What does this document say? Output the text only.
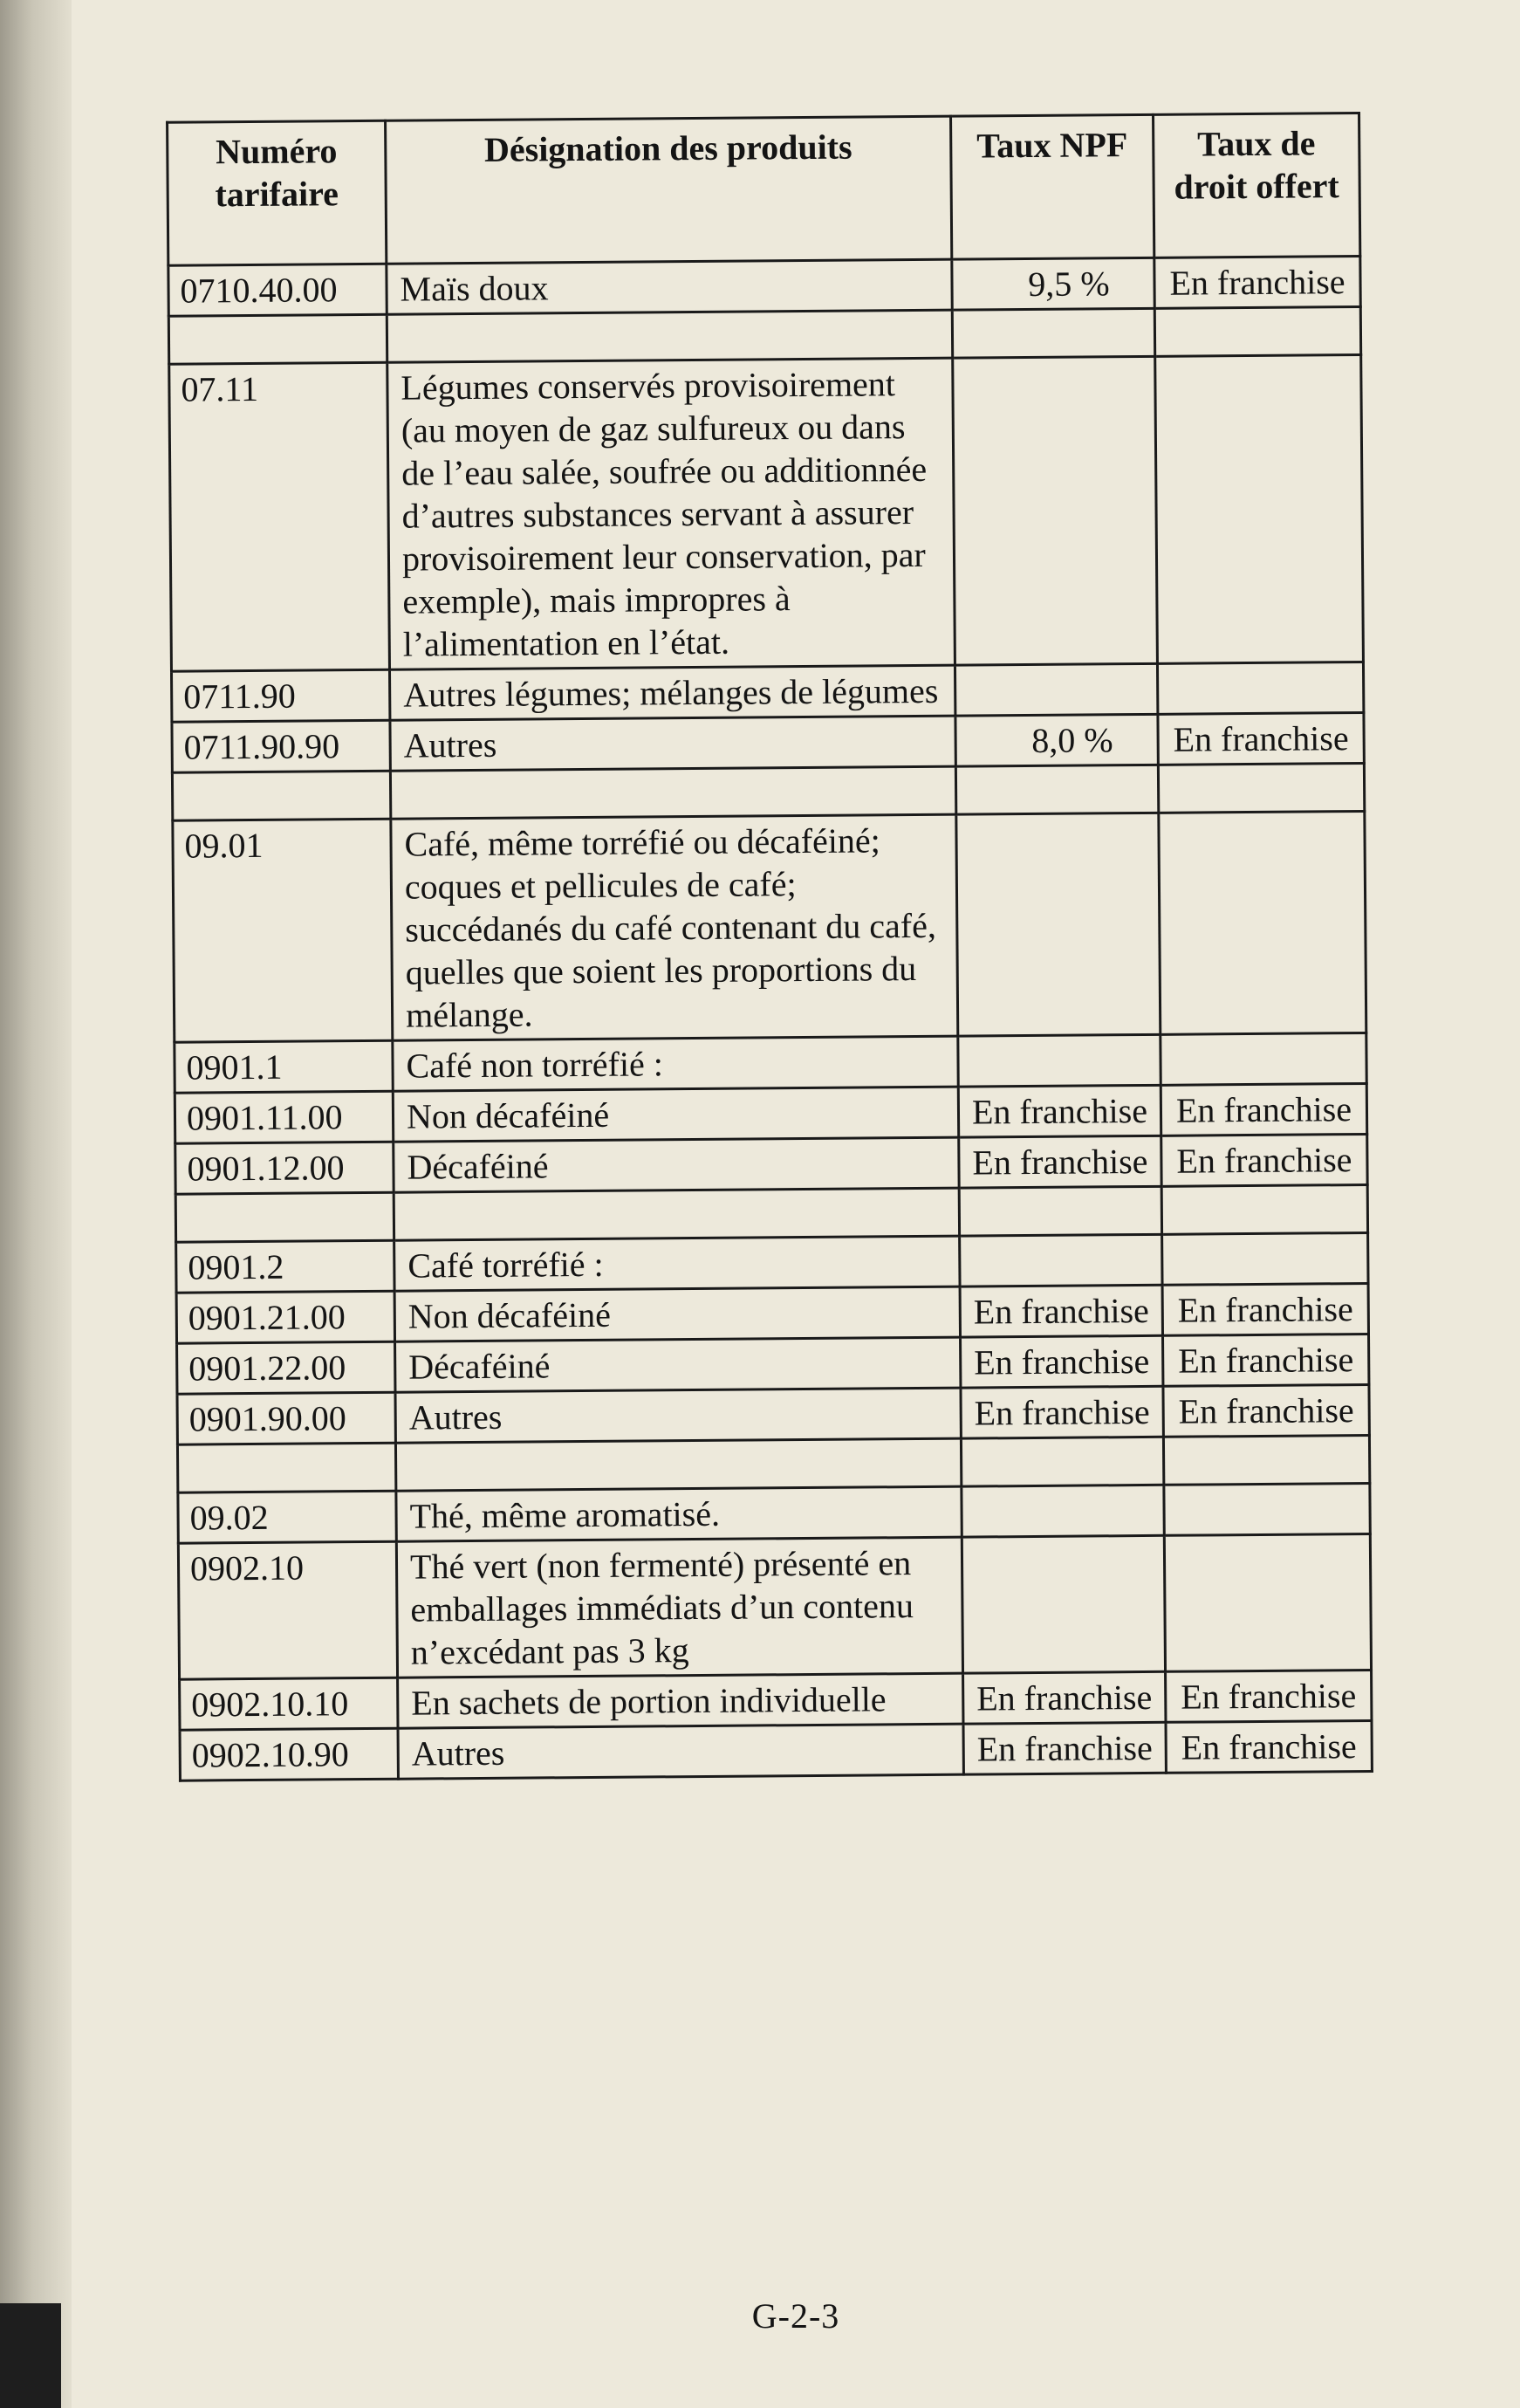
Numéro tarifaire	Désignation des produits	Taux NPF	Taux de droit offert
0710.40.00	Maïs doux	9,5 %	En franchise

07.11	Légumes conservés provisoirement (au moyen de gaz sulfureux ou dans de l’eau salée, soufrée ou additionnée d’autres substances servant à assurer provisoirement leur conservation, par exemple), mais impropres à l’alimentation en l’état.		
0711.90	Autres légumes; mélanges de légumes		
0711.90.90	Autres	8,0 %	En franchise

09.01	Café, même torréfié ou décaféiné; coques et pellicules de café; succédanés du café contenant du café, quelles que soient les proportions du mélange.		
0901.1	Café non torréfié :		
0901.11.00	Non décaféiné	En franchise	En franchise
0901.12.00	Décaféiné	En franchise	En franchise

0901.2	Café torréfié :		
0901.21.00	Non décaféiné	En franchise	En franchise
0901.22.00	Décaféiné	En franchise	En franchise
0901.90.00	Autres	En franchise	En franchise

09.02	Thé, même aromatisé.		
0902.10	Thé vert (non fermenté) présenté en emballages immédiats d’un contenu n’excédant pas 3 kg		
0902.10.10	En sachets de portion individuelle	En franchise	En franchise
0902.10.90	Autres	En franchise	En franchise
G-2-3
